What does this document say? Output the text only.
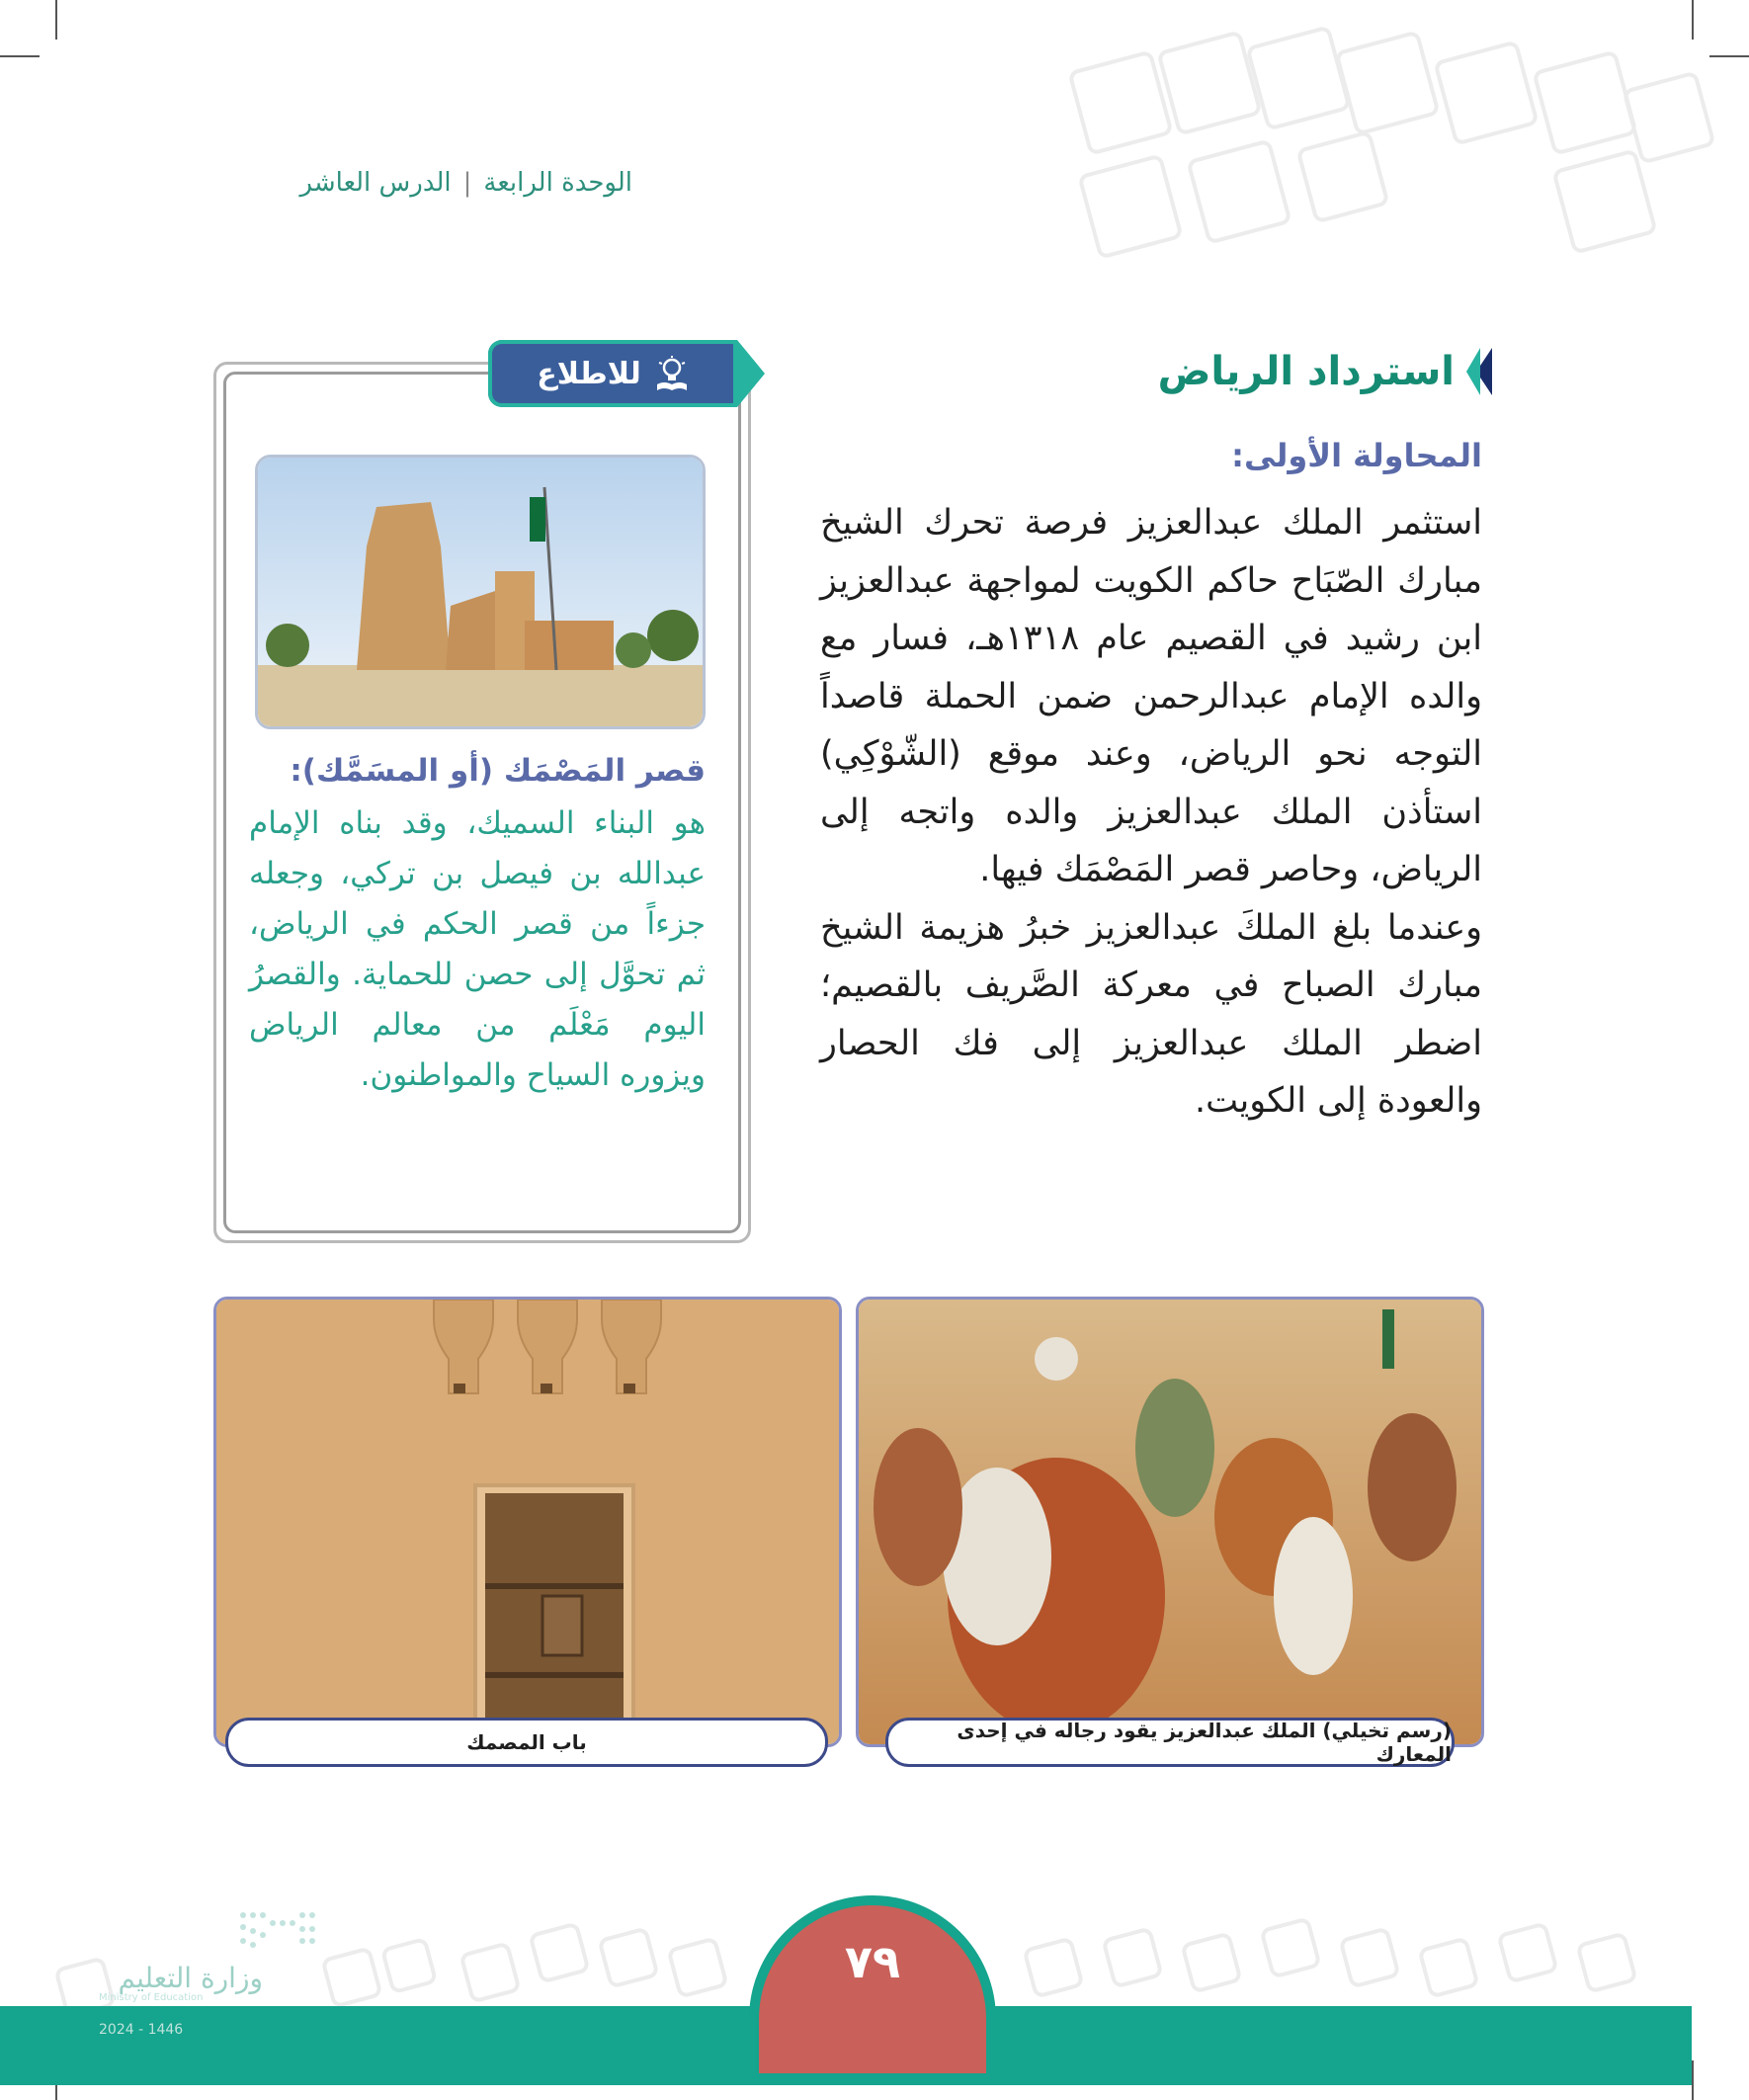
الوحدة الرابعة|الدرس العاشر
استرداد الرياض
المحاولة الأولى:

استثمر الملك عبدالعزيز فرصة تحرك الشيخ مبارك الصّبَاح حاكم الكويت لمواجهة عبدالعزيز ابن رشيد في القصيم عام ١٣١٨هـ، فسار مع والده الإمام عبدالرحمن ضمن الحملة قاصداً التوجه نحو الرياض، وعند موقع (الشّوْكِي) استأذن الملك عبدالعزيز والده واتجه إلى الرياض، وحاصر قصر المَصْمَك فيها.

وعندما بلغ الملكَ عبدالعزيز خبرُ هزيمة الشيخ مبارك الصباح في معركة الصَّريف بالقصيم؛ اضطر الملك عبدالعزيز إلى فك الحصار والعودة إلى الكويت.

للاطلاع
قصر المَصْمَك (أو المسَمَّك):
هو البناء السميك، وقد بناه الإمام عبدالله بن فيصل بن تركي، وجعله جزءاً من قصر الحكم في الرياض، ثم تحوَّل إلى حصن للحماية. والقصرُ اليوم مَعْلَم من معالم الرياض ويزوره السياح والمواطنون.
باب المصمك	(رسم تخيلي) الملك عبدالعزيز يقود رجاله في إحدى المعارك
٧٩
وزارة التعليم
Ministry of Education
2024 - 1446
